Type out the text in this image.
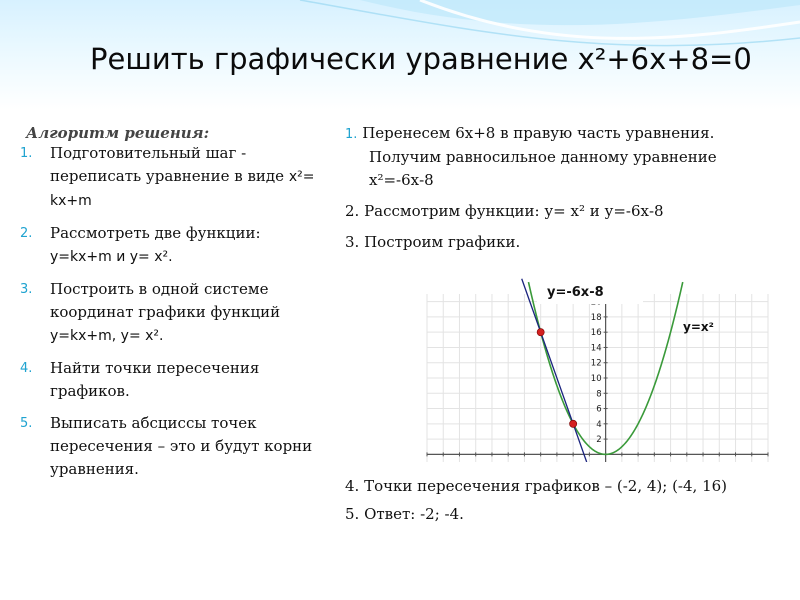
Решить графически уравнение x²+6x+8=0
Алгоритм решения:
Подготовительный шаг - переписать уравнение в виде x²= kx+m
Рассмотреть две функции: y=kx+m и y= x².
Построить в одной системе координат графики функций y=kx+m, y= x².
Найти точки пересечения графиков.
Выписать абсциссы точек пересечения – это и будут корни уравнения.
1. Перенесем 6х+8 в правую часть уравнения.
Получим равносильное данному уравнение
х²=-6х-8
2. Рассмотрим функции: у= х² и у=-6х-8
3. Построим графики.
2
4
6
8
10
12
14
16
18
y=-6x-8
y=x²
4. Точки пересечения графиков – (-2, 4); (-4, 16)
5. Ответ: -2; -4.
